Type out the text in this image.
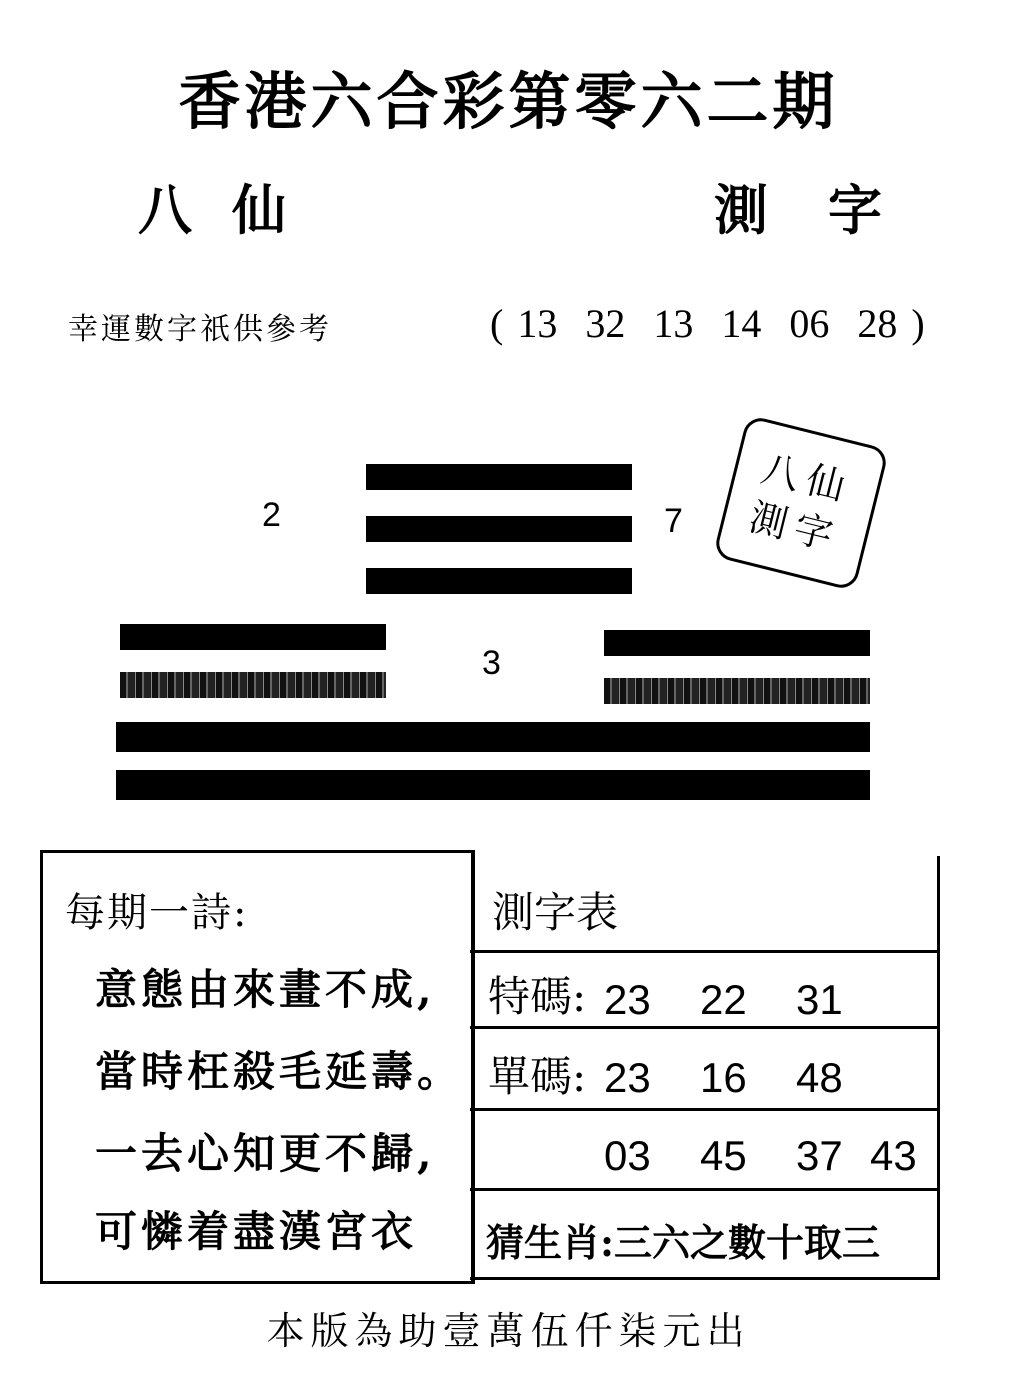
香港六合彩第零六二期
八仙	測字
幸運數字祇供參考	( 13 32 13 14 06 28 )
2	7
3
八仙
測字
每期一詩:
意態由來畫不成,
當時枉殺毛延壽。
一去心知更不歸,
可憐着盡漢宮衣
測字表
特碼: 23	22	31
單碼: 23	16	48
03	45	37 43
猜生肖:三六之數十取三
本版為助壹萬伍仟柒元出
